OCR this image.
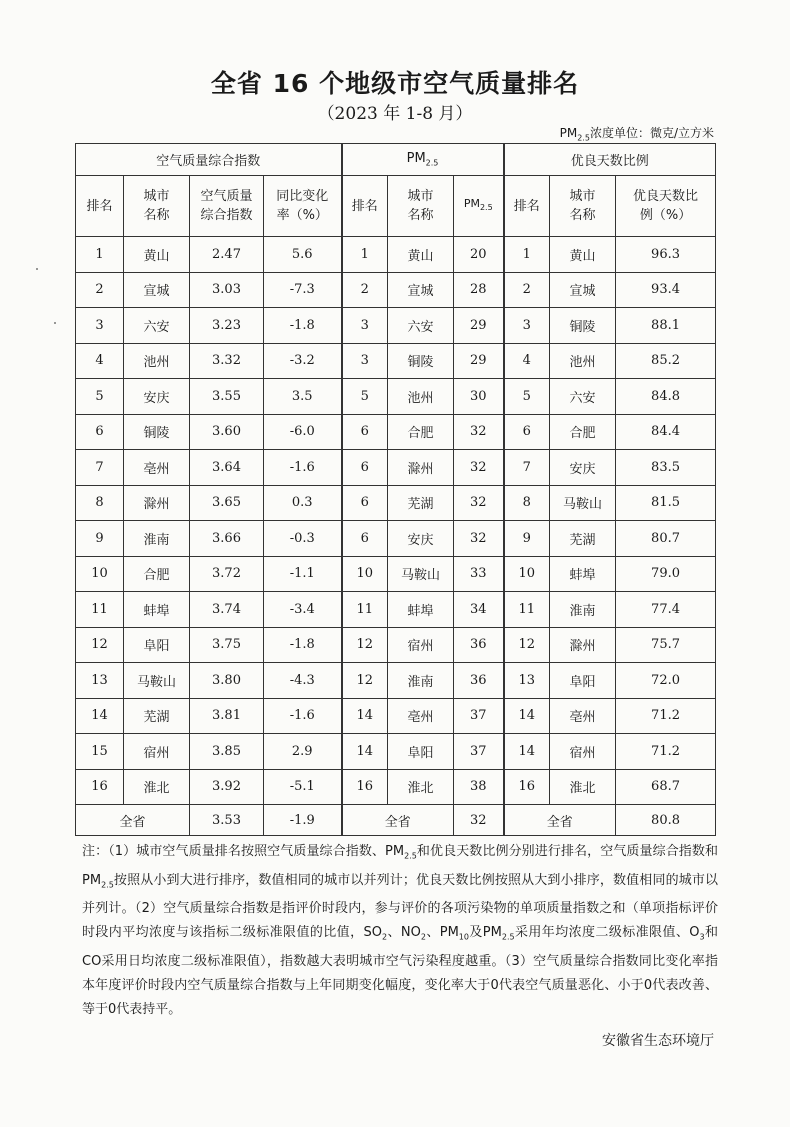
全省 16 个地级市空气质量排名
（2023 年 1-8 月）
$PM_{2.5}$浓度单位：微克/立方米
空气质量综合指数				$PM_{2.5}$			优良天数比例		
排名	城市名称	空气质量综合指数	同比变化率（%）	排名	城市名称	$PM_{2.5}$	排名	城市名称	优良天数比例（%）
1	黄山	2.47	5.6	1	黄山	20	1	黄山	96.3
2	宣城	3.03	-7.3	2	宣城	28	2	宣城	93.4
3	六安	3.23	-1.8	3	六安	29	3	铜陵	88.1
4	池州	3.32	-3.2	3	铜陵	29	4	池州	85.2
5	安庆	3.55	3.5	5	池州	30	5	六安	84.8
6	铜陵	3.60	-6.0	6	合肥	32	6	合肥	84.4
7	亳州	3.64	-1.6	6	滁州	32	7	安庆	83.5
8	滁州	3.65	0.3	6	芜湖	32	8	马鞍山	81.5
9	淮南	3.66	-0.3	6	安庆	32	9	芜湖	80.7
10	合肥	3.72	-1.1	10	马鞍山	33	10	蚌埠	79.0
11	蚌埠	3.74	-3.4	11	蚌埠	34	11	淮南	77.4
12	阜阳	3.75	-1.8	12	宿州	36	12	滁州	75.7
13	马鞍山	3.80	-4.3	12	淮南	36	13	阜阳	72.0
14	芜湖	3.81	-1.6	14	亳州	37	14	亳州	71.2
15	宿州	3.85	2.9	14	阜阳	37	14	宿州	71.2
16	淮北	3.92	-5.1	16	淮北	38	16	淮北	68.7
全省		3.53	-1.9	全省		32	全省		80.8
注：（1）城市空气质量排名按照空气质量综合指数、$PM_{2.5}$和优良天数比例分别进行排名，空气质量综合指数和$PM_{2.5}$按照从小到大进行排序，数值相同的城市以并列计；优良天数比例按照从大到小排序，数值相同的城市以并列计。（2）空气质量综合指数是指评价时段内，参与评价的各项污染物的单项质量指数之和（单项指标评价时段内平均浓度与该指标二级标准限值的比值，$SO_2$、$NO_2$、$PM_{10}$及$PM_{2.5}$采用年均浓度二级标准限值、$O_3$和CO采用日均浓度二级标准限值），指数越大表明城市空气污染程度越重。（3）空气质量综合指数同比变化率指本年度评价时段内空气质量综合指数与上年同期变化幅度，变化率大于0代表空气质量恶化、小于0代表改善、等于0代表持平。
安徽省生态环境厅
